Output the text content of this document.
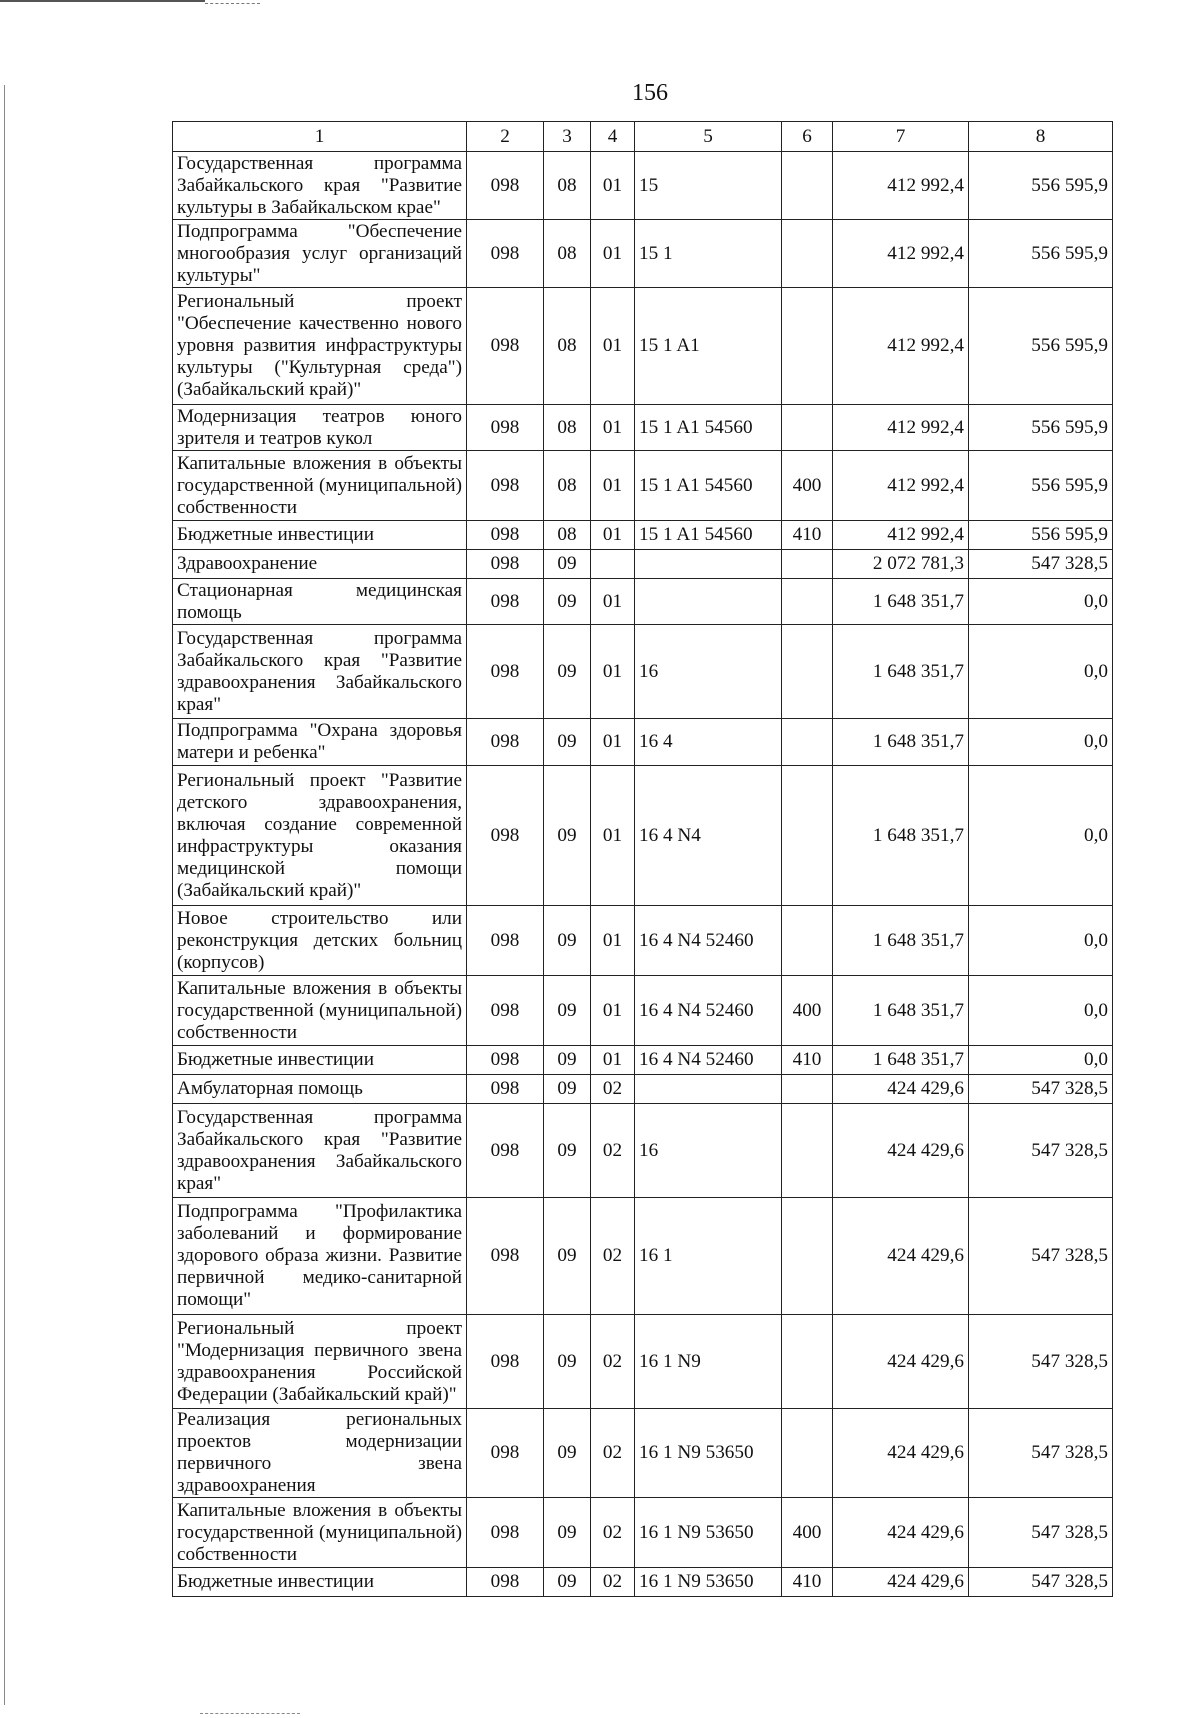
156
1	2	3	4	5	6	7	8
Государственная программа Забайкальского края "Развитие культуры в Забайкальском крае"	098	08	01	15		412 992,4	556 595,9
Подпрограмма "Обеспечение многообразия услуг организаций культуры"	098	08	01	15 1		412 992,4	556 595,9
Региональный проект "Обеспечение качественно нового уровня развития инфраструктуры культуры ("Культурная среда") (Забайкальский край)"	098	08	01	15 1 A1		412 992,4	556 595,9
Модернизация театров юного зрителя и театров кукол	098	08	01	15 1 A1 54560		412 992,4	556 595,9
Капитальные вложения в объекты государственной (муниципальной) собственности	098	08	01	15 1 A1 54560	400	412 992,4	556 595,9
Бюджетные инвестиции	098	08	01	15 1 A1 54560	410	412 992,4	556 595,9
Здравоохранение	098	09				2 072 781,3	547 328,5
Стационарная медицинская помощь	098	09	01			1 648 351,7	0,0
Государственная программа Забайкальского края "Развитие здравоохранения Забайкальского края"	098	09	01	16		1 648 351,7	0,0
Подпрограмма "Охрана здоровья матери и ребенка"	098	09	01	16 4		1 648 351,7	0,0
Региональный проект "Развитие детского здравоохранения, включая создание современной инфраструктуры оказания медицинской помощи (Забайкальский край)"	098	09	01	16 4 N4		1 648 351,7	0,0
Новое строительство или реконструкция детских больниц (корпусов)	098	09	01	16 4 N4 52460		1 648 351,7	0,0
Капитальные вложения в объекты государственной (муниципальной) собственности	098	09	01	16 4 N4 52460	400	1 648 351,7	0,0
Бюджетные инвестиции	098	09	01	16 4 N4 52460	410	1 648 351,7	0,0
Амбулаторная помощь	098	09	02			424 429,6	547 328,5
Государственная программа Забайкальского края "Развитие здравоохранения Забайкальского края"	098	09	02	16		424 429,6	547 328,5
Подпрограмма "Профилактика заболеваний и формирование здорового образа жизни. Развитие первичной медико-санитарной помощи"	098	09	02	16 1		424 429,6	547 328,5
Региональный проект "Модернизация первичного звена здравоохранения Российской Федерации (Забайкальский край)"	098	09	02	16 1 N9		424 429,6	547 328,5
Реализация региональных проектов модернизации первичного звена здравоохранения	098	09	02	16 1 N9 53650		424 429,6	547 328,5
Капитальные вложения в объекты государственной (муниципальной) собственности	098	09	02	16 1 N9 53650	400	424 429,6	547 328,5
Бюджетные инвестиции	098	09	02	16 1 N9 53650	410	424 429,6	547 328,5
